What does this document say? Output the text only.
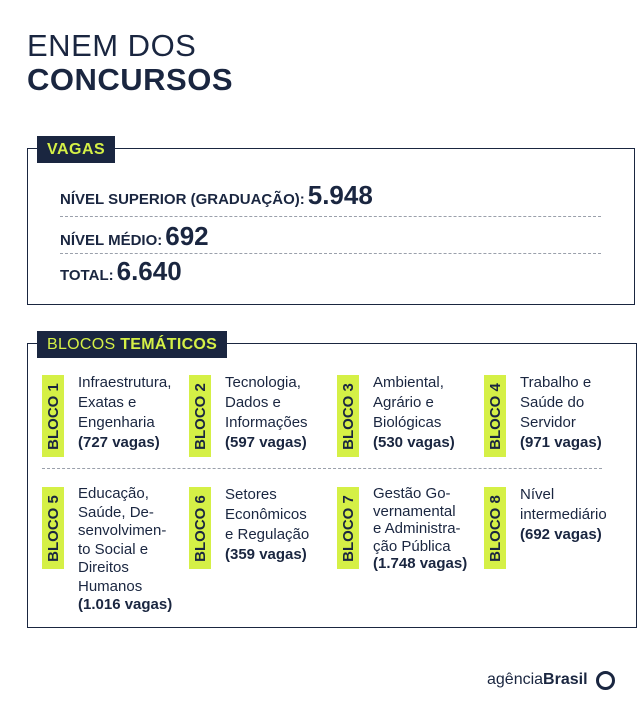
ENEM DOS
CONCURSOS
VAGAS
NÍVEL SUPERIOR (GRADUAÇÃO): 5.948
NÍVEL MÉDIO: 692
TOTAL: 6.640
BLOCOS TEMÁTICOS
BLOCO 1
Infraestrutura,
Exatas e
Engenharia
(727 vagas)	BLOCO 2
Tecnologia,
Dados e
Informações
(597 vagas)	BLOCO 3
Ambiental,
Agrário e
Biológicas
(530 vagas)	BLOCO 4
Trabalho e
Saúde do
Servidor
(971 vagas)
BLOCO 5
Educação,
Saúde, De-
senvolvimen-
to Social e
Direitos
Humanos
(1.016 vagas)
BLOCO 6
Setores
Econômicos
e Regulação
(359 vagas)	BLOCO 7
Gestão Go-
vernamental
e Administra-
ção Pública
(1.748 vagas)
BLOCO 8
Nível
intermediário
(692 vagas)
agênciaBrasil
